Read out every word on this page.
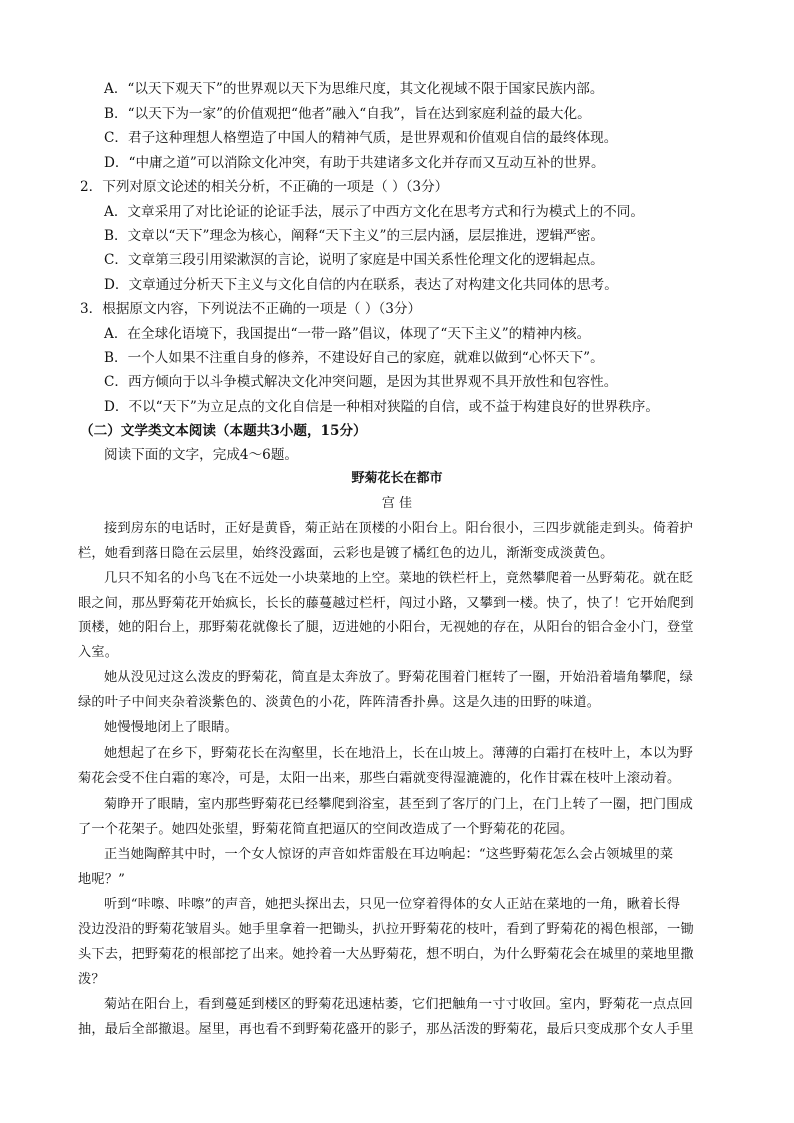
A．“以天下观天下”的世界观以天下为思维尺度，其文化视域不限于国家民族内部。
B．“以天下为一家”的价值观把“他者”融入“自我”，旨在达到家庭利益的最大化。
C．君子这种理想人格塑造了中国人的精神气质，是世界观和价值观自信的最终体现。
D．“中庸之道”可以消除文化冲突，有助于共建诸多文化并存而又互动互补的世界。
2．下列对原文论述的相关分析，不正确的一项是（ ）（3分）
A．文章采用了对比论证的论证手法，展示了中西方文化在思考方式和行为模式上的不同。
B．文章以“天下”理念为核心，阐释“天下主义”的三层内涵，层层推进，逻辑严密。
C．文章第三段引用梁漱溟的言论，说明了家庭是中国关系性伦理文化的逻辑起点。
D．文章通过分析天下主义与文化自信的内在联系，表达了对构建文化共同体的思考。
3．根据原文内容，下列说法不正确的一项是（ ）（3分）
A．在全球化语境下，我国提出“一带一路”倡议，体现了“天下主义”的精神内核。
B．一个人如果不注重自身的修养，不建设好自己的家庭，就难以做到“心怀天下”。
C．西方倾向于以斗争模式解决文化冲突问题，是因为其世界观不具开放性和包容性。
D．不以“天下”为立足点的文化自信是一种相对狭隘的自信，或不益于构建良好的世界秩序。
（二）文学类文本阅读（本题共3小题，15分）
阅读下面的文字，完成4～6题。
野菊花长在都市
宫 佳
接到房东的电话时，正好是黄昏，菊正站在顶楼的小阳台上。阳台很小，三四步就能走到头。倚着护
栏，她看到落日隐在云层里，始终没露面，云彩也是镀了橘红色的边儿，渐渐变成淡黄色。
几只不知名的小鸟飞在不远处一小块菜地的上空。菜地的铁栏杆上，竟然攀爬着一丛野菊花。就在眨
眼之间，那丛野菊花开始疯长，长长的藤蔓越过栏杆，闯过小路，又攀到一楼。快了，快了！它开始爬到
顶楼，她的阳台上，那野菊花就像长了腿，迈进她的小阳台，无视她的存在，从阳台的铝合金小门，登堂
入室。
她从没见过这么泼皮的野菊花，简直是太奔放了。野菊花围着门框转了一圈，开始沿着墙角攀爬，绿
绿的叶子中间夹杂着淡紫色的、淡黄色的小花，阵阵清香扑鼻。这是久违的田野的味道。
她慢慢地闭上了眼睛。
她想起了在乡下，野菊花长在沟壑里，长在地沿上，长在山坡上。薄薄的白霜打在枝叶上，本以为野
菊花会受不住白霜的寒冷，可是，太阳一出来，那些白霜就变得湿漉漉的，化作甘霖在枝叶上滚动着。
菊睁开了眼睛，室内那些野菊花已经攀爬到浴室，甚至到了客厅的门上，在门上转了一圈，把门围成
了一个花架子。她四处张望，野菊花简直把逼仄的空间改造成了一个野菊花的花园。
正当她陶醉其中时，一个女人惊讶的声音如炸雷般在耳边响起：“这些野菊花怎么会占领城里的菜
地呢？”
听到“咔嚓、咔嚓”的声音，她把头探出去，只见一位穿着得体的女人正站在菜地的一角，瞅着长得
没边没沿的野菊花皱眉头。她手里拿着一把锄头，扒拉开野菊花的枝叶，看到了野菊花的褐色根部，一锄
头下去，把野菊花的根部挖了出来。她拎着一大丛野菊花，想不明白，为什么野菊花会在城里的菜地里撒
泼？
菊站在阳台上，看到蔓延到楼区的野菊花迅速枯萎，它们把触角一寸寸收回。室内，野菊花一点点回
抽，最后全部撤退。屋里，再也看不到野菊花盛开的影子，那丛活泼的野菊花，最后只变成那个女人手里
